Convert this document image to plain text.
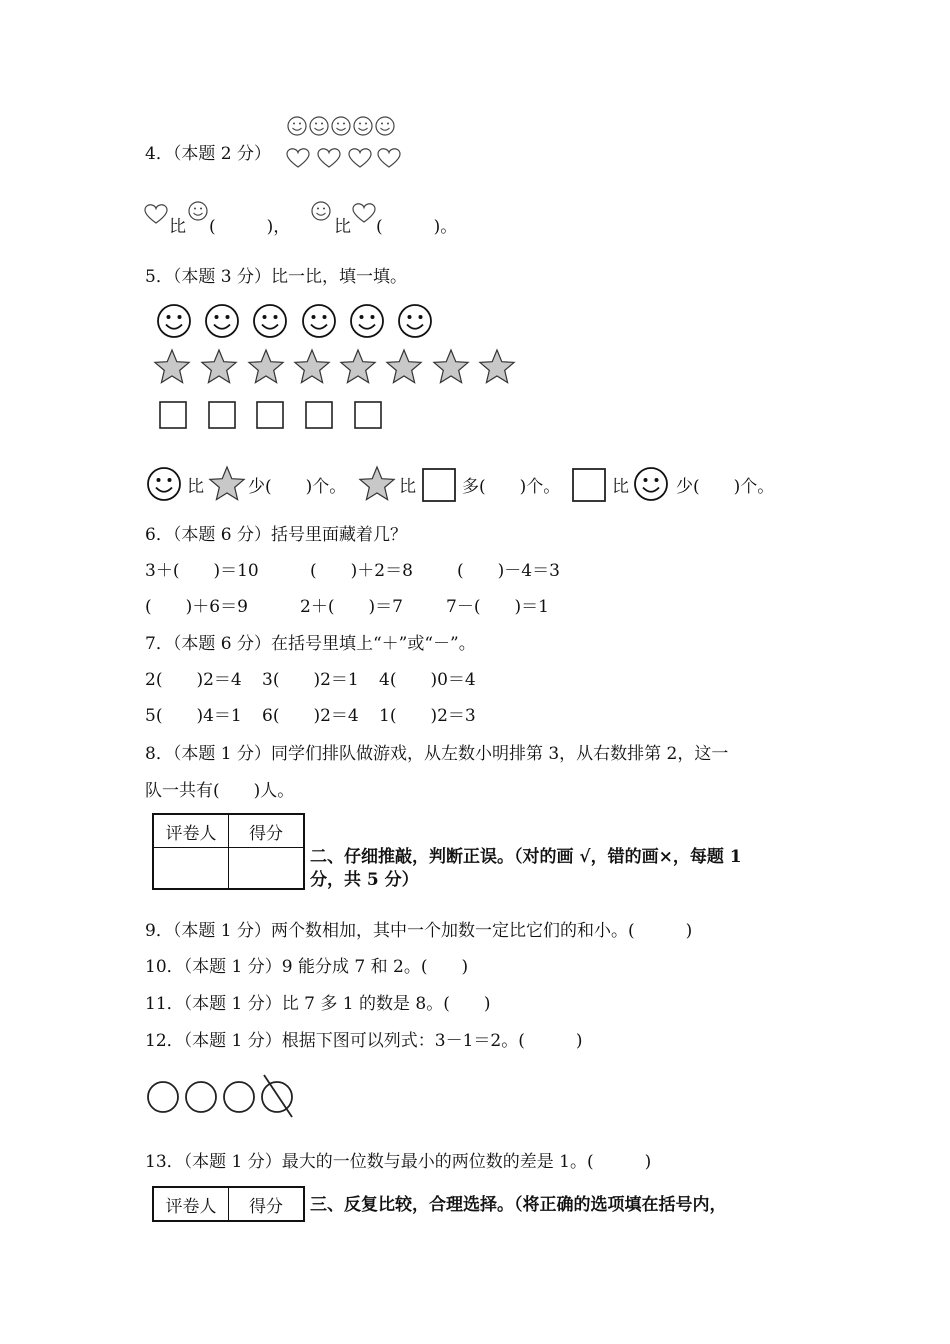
4．（本题 2 分）
比 (　　　)，	比 (　　　)。
5．（本题 3 分）比一比，填一填。
比	少(　　)个。	比	多(　　)个。	比	少(　　)个。
6．（本题 6 分）括号里面藏着几？
3＋(　　)＝10	(　　)＋2＝8	(　　)－4＝3
(　　)＋6＝9	2＋(　　)＝7	7－(　　)＝1
7．（本题 6 分）在括号里填上“＋”或“－”。
2(　　)2＝4 3(　　)2＝1 4(　　)0＝4
5(　　)4＝1 6(　　)2＝4 1(　　)2＝3
8．（本题 1 分）同学们排队做游戏，从左数小明排第 3，从右数排第 2，这一
队一共有(　　)人。
评卷人	得分

二、仔细推敲，判断正误。（对的画 √，错的画×，每题 1
分，共 5 分）
9．（本题 1 分）两个数相加，其中一个加数一定比它们的和小。(　　　)
10．（本题 1 分）9 能分成 7 和 2。(　　)
11．（本题 1 分）比 7 多 1 的数是 8。(　　)
12．（本题 1 分）根据下图可以列式：3－1＝2。(　　　)
13．（本题 1 分）最大的一位数与最小的两位数的差是 1。(　　　)
评卷人	得分 三、反复比较，合理选择。（将正确的选项填在括号内，
